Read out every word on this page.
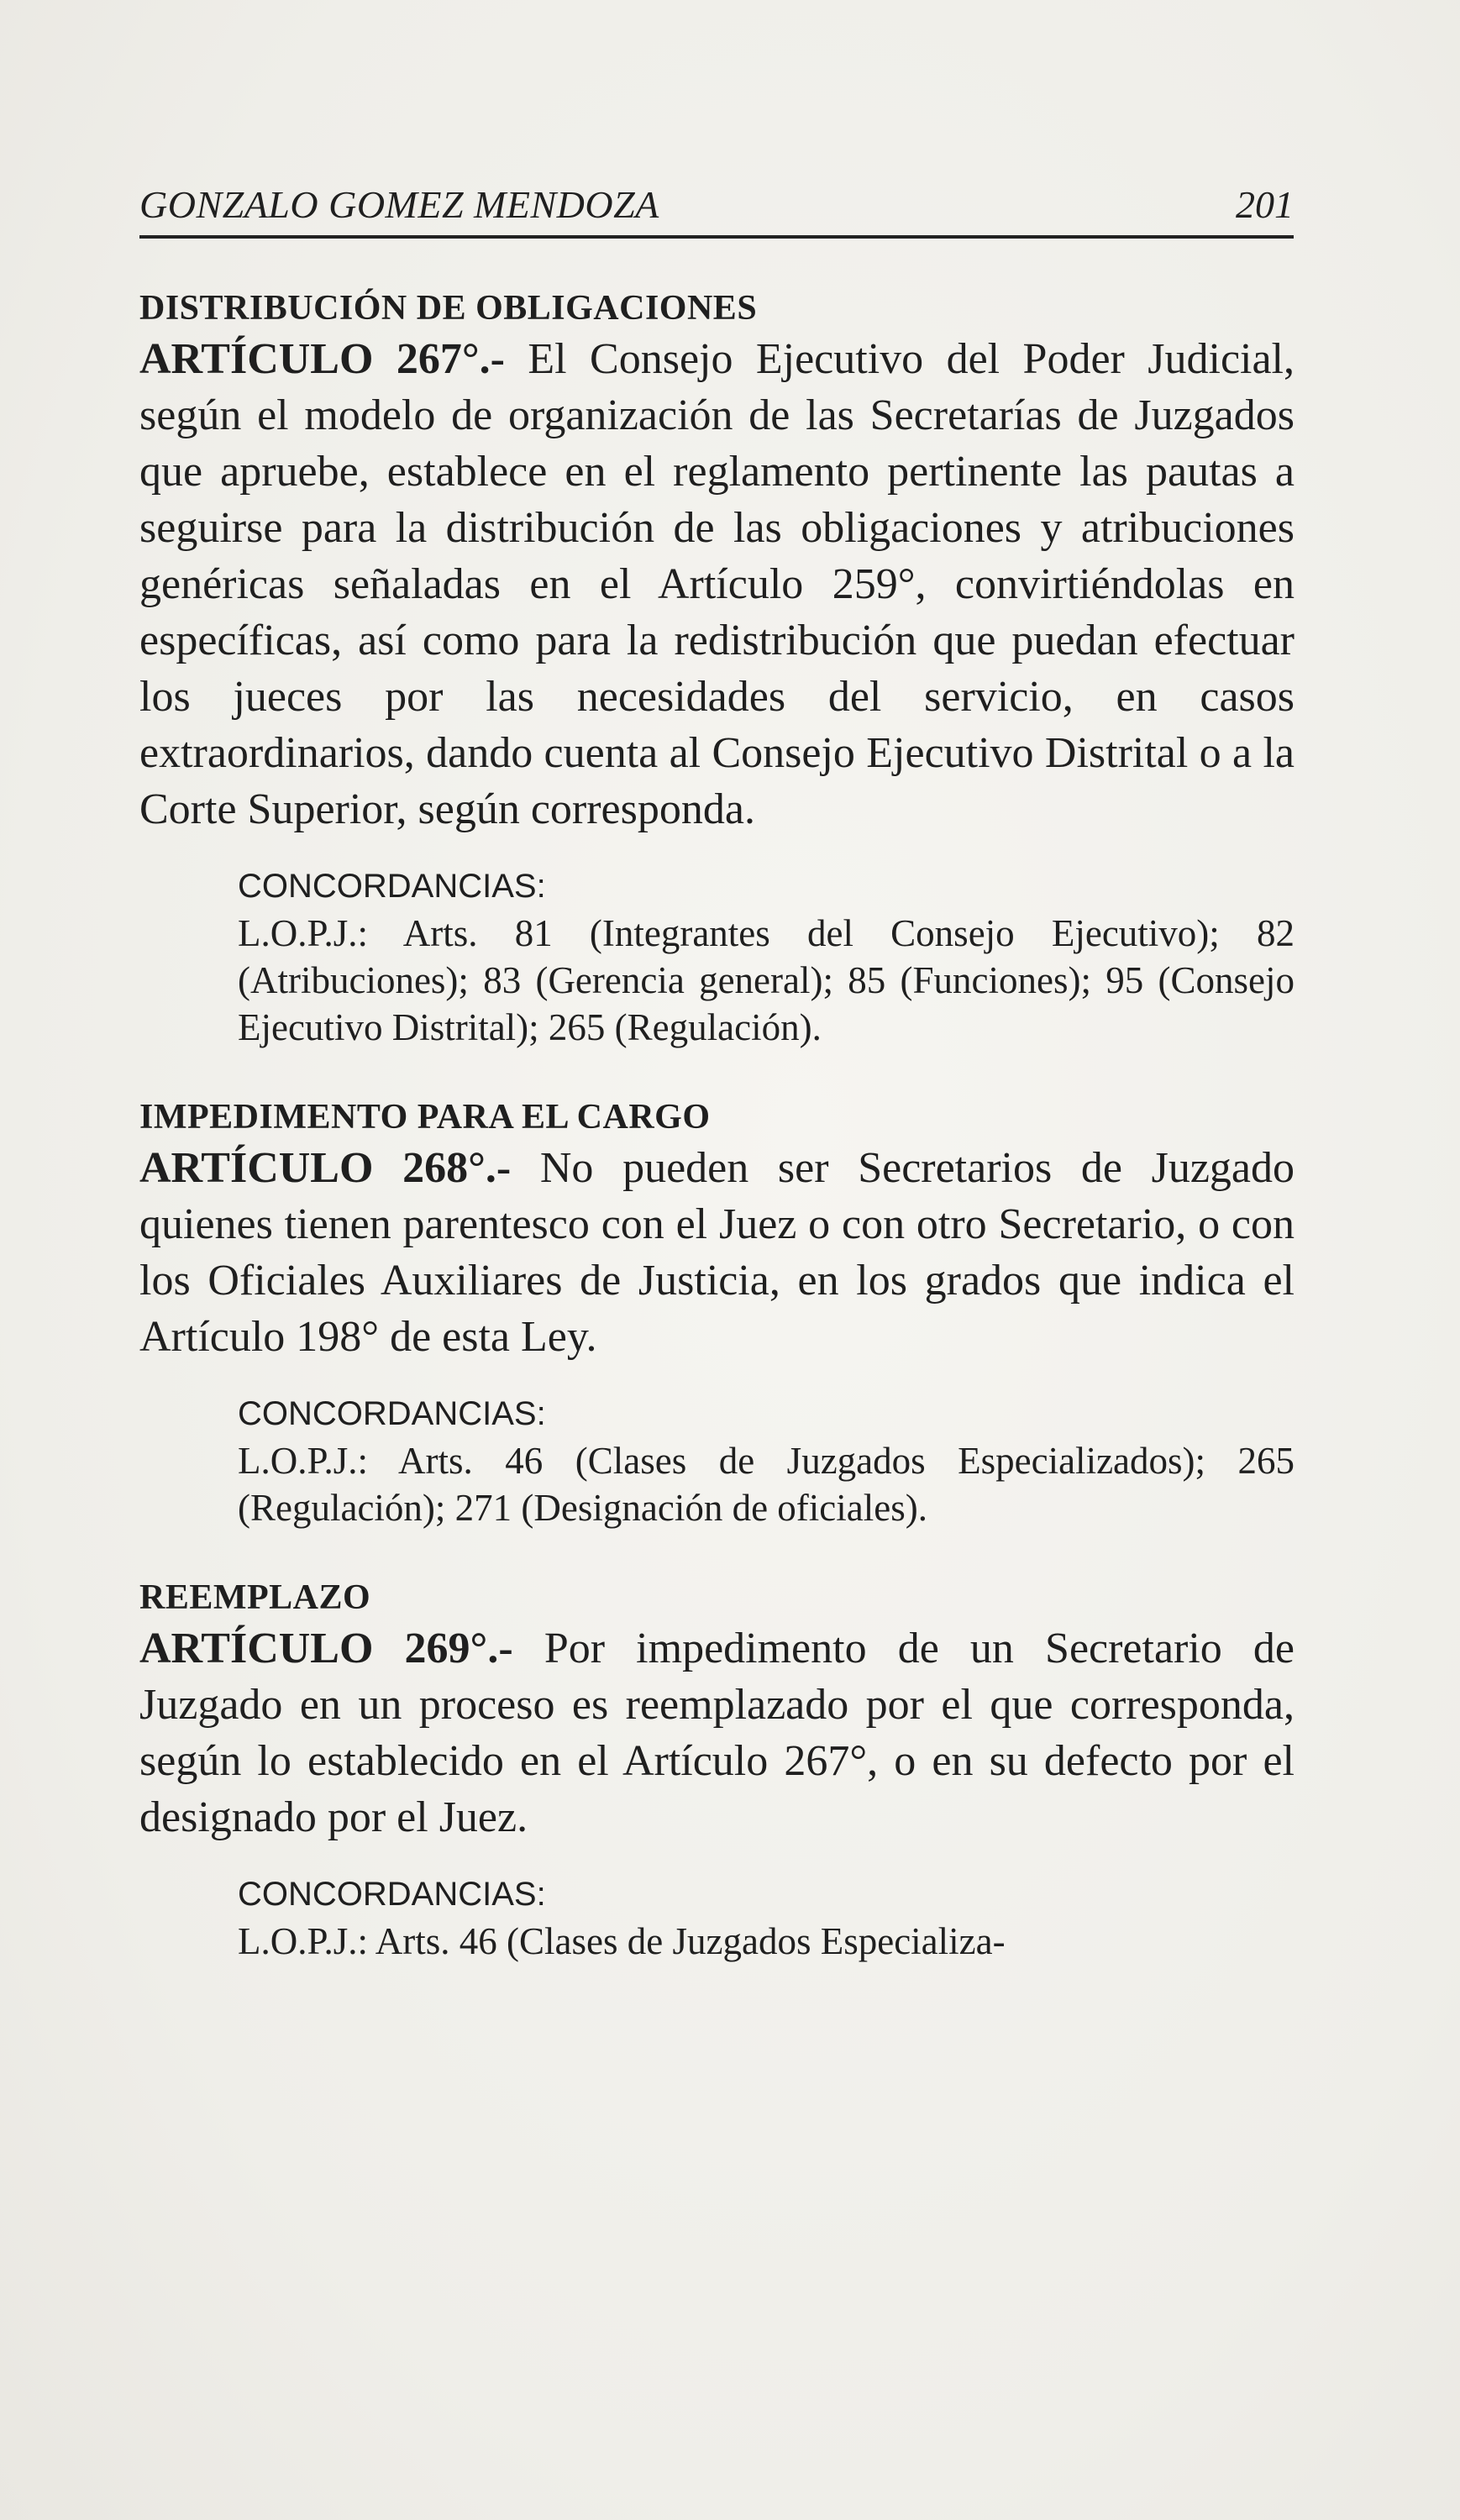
GONZALO GOMEZ MENDOZA	201

DISTRIBUCIÓN DE OBLIGACIONES

ARTÍCULO 267°.- El Consejo Ejecutivo del Poder Judicial, según el modelo de organización de las Secretarías de Juzgados que apruebe, establece en el reglamento pertinente las pautas a seguirse para la distribución de las obligaciones y atribuciones genéricas señaladas en el Artículo 259°, convirtiéndolas en específicas, así como para la redistribución que puedan efectuar los jueces por las necesidades del servicio, en casos extraordinarios, dando cuenta al Consejo Ejecutivo Distrital o a la Corte Superior, según corresponda.

CONCORDANCIAS:

L.O.P.J.: Arts. 81 (Integrantes del Consejo Ejecutivo); 82 (Atribuciones); 83 (Gerencia general); 85 (Funciones); 95 (Consejo Ejecutivo Distrital); 265 (Regulación).

IMPEDIMENTO PARA EL CARGO

ARTÍCULO 268°.- No pueden ser Secretarios de Juzgado quienes tienen parentesco con el Juez o con otro Secretario, o con los Oficiales Auxiliares de Justicia, en los grados que indica el Artículo 198° de esta Ley.

CONCORDANCIAS:

L.O.P.J.: Arts. 46 (Clases de Juzgados Especializados); 265 (Regulación); 271 (Designación de oficiales).

REEMPLAZO

ARTÍCULO 269°.- Por impedimento de un Secretario de Juzgado en un proceso es reemplazado por el que corresponda, según lo establecido en el Artículo 267°, o en su defecto por el designado por el Juez.

CONCORDANCIAS:

L.O.P.J.: Arts. 46 (Clases de Juzgados Especializa-
